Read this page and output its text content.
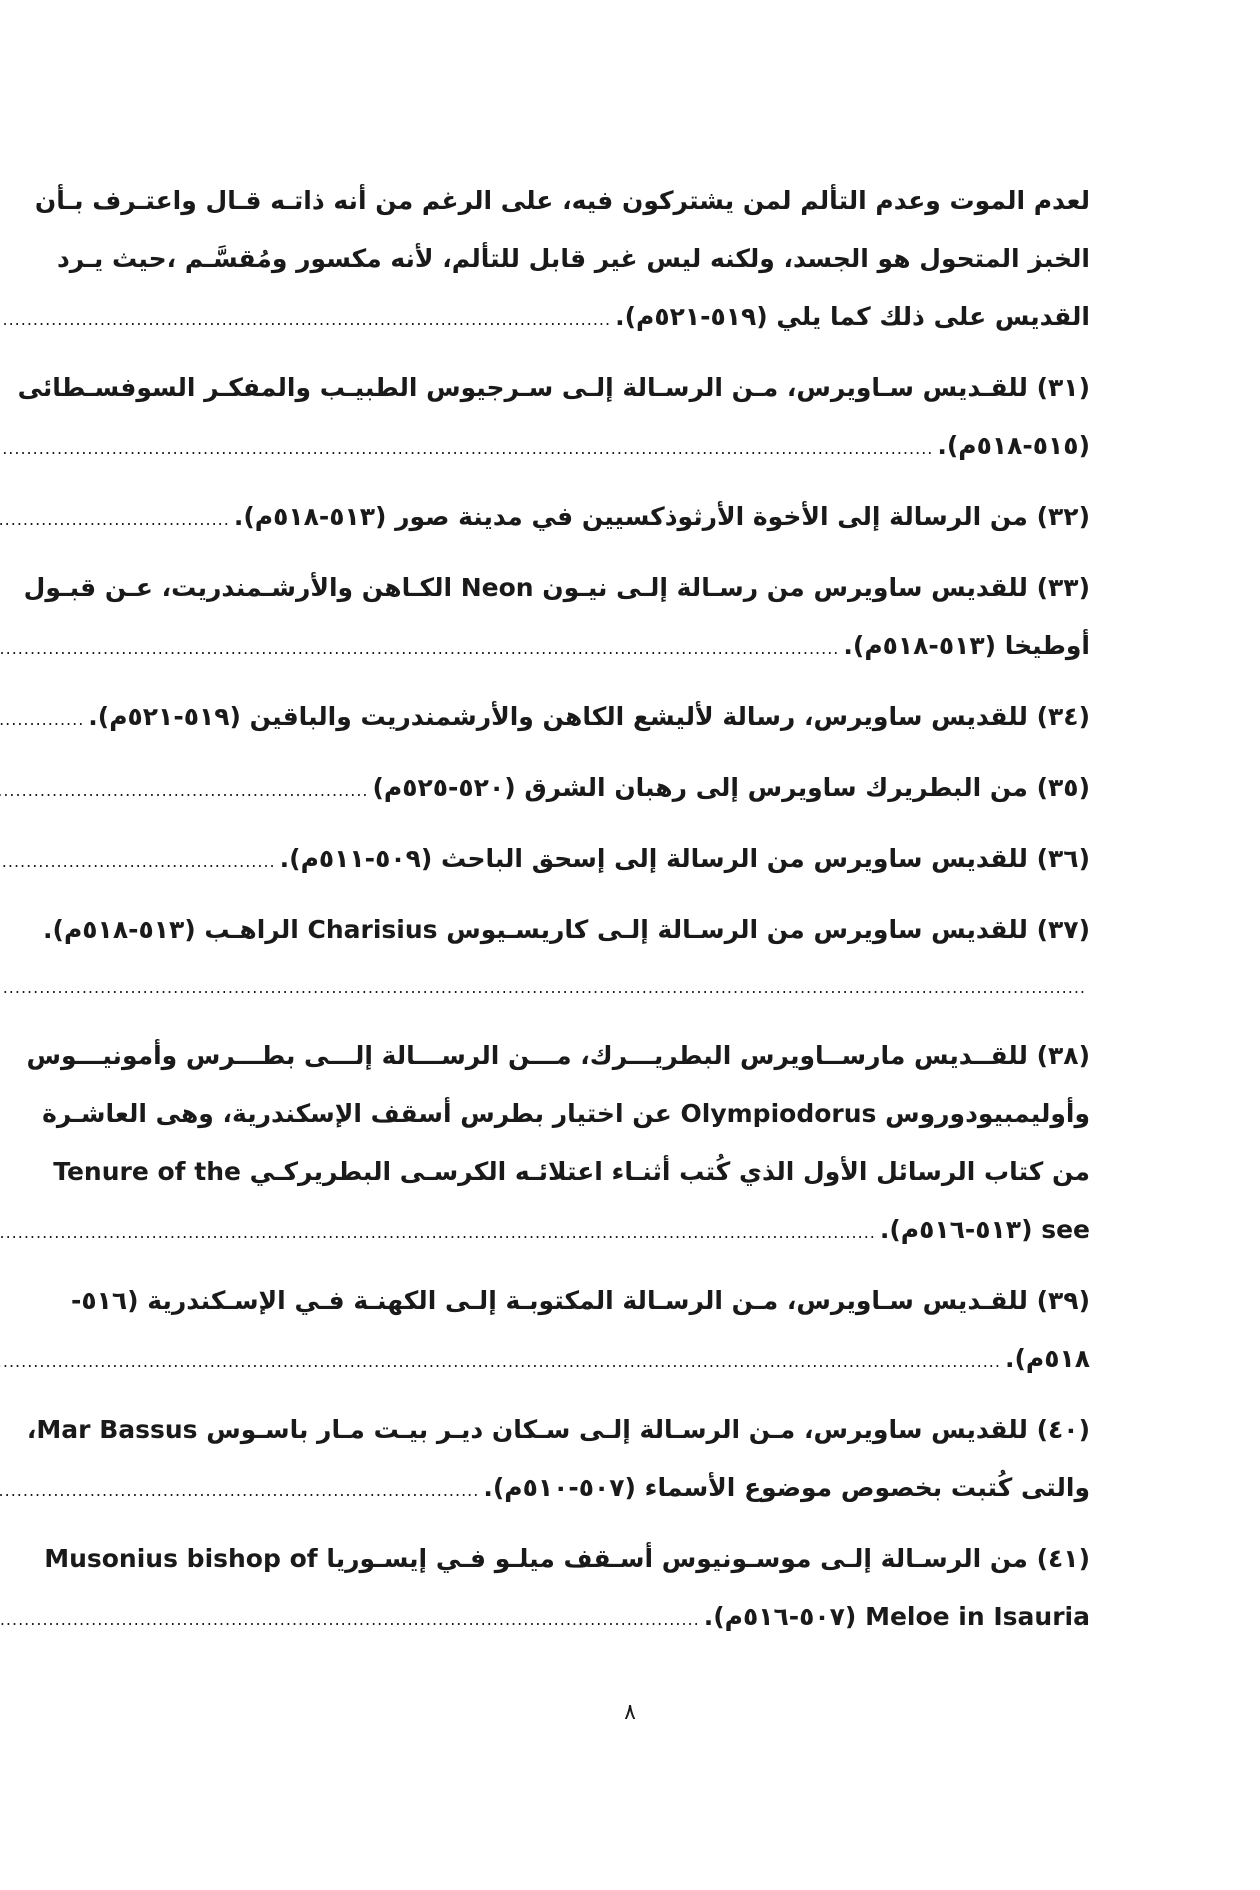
لعدم الموت وعدم التألم لمن يشتركون فيه، على الرغم من أنه ذاتـه قـال واعتـرف بـأن
الخبز المتحول هو الجسد، ولكنه ليس غير قابل للتألم، لأنه مكسور ومُقسَّـم ،حيث يـرد
القديس على ذلك كما يلي (٥١٩-٥٢١م).
.....
(٣١) للقـديس سـاويرس، مـن الرسـالة إلـى سـرجيوس الطبيـب والمفكـر السوفسـطائى
(٥١٥-٥١٨م).
.....
(٣٢) من الرسالة إلى الأخوة الأرثوذكسيين في مدينة صور (٥١٣-٥١٨م).
.....
(٣٣) للقديس ساويرس من رسـالة إلـى نيـون Neon الكـاهن والأرشـمندريت، عـن قبـول
أوطيخا (٥١٣-٥١٨م).
.....
(٣٤) للقديس ساويرس، رسالة لأليشع الكاهن والأرشمندريت والباقين (٥١٩-٥٢١م).
.....
(٣٥) من البطريرك ساويرس إلى رهبان الشرق (٥٢٠-٥٢٥م)
.....
(٣٦) للقديس ساويرس من الرسالة إلى إسحق الباحث (٥٠٩-٥١١م).
.....
(٣٧) للقديس ساويرس من الرسـالة إلـى كاريسـيوس Charisius الراهـب (٥١٣-٥١٨م).
.....
(٣٨) للقــديس مارســاويرس البطريـــرك، مـــن الرســـالة إلـــى بطـــرس وأمونيـــوس
وأوليمبيودوروس Olympiodorus عن اختيار بطرس أسقف الإسكندرية، وهى العاشـرة
من كتاب الرسائل الأول الذي كُتب أثنـاء اعتلائـه الكرسـى البطريركـي Tenure of the
see (٥١٣-٥١٦م).
.....
(٣٩) للقـديس سـاويرس، مـن الرسـالة المكتوبـة إلـى الكهنـة فـي الإسـكندرية (٥١٦-
٥١٨م).
.....
(٤٠) للقديس ساويرس، مـن الرسـالة إلـى سـكان ديـر بيـت مـار باسـوس Mar Bassus،
والتى كُتبت بخصوص موضوع الأسماء (٥٠٧-٥١٠م).
.....
(٤١) من الرسـالة إلـى موسـونيوس أسـقف ميلـو فـي إيسـوريا Musonius bishop of
Meloe in Isauria (٥٠٧-٥١٦م).
.....
٨
